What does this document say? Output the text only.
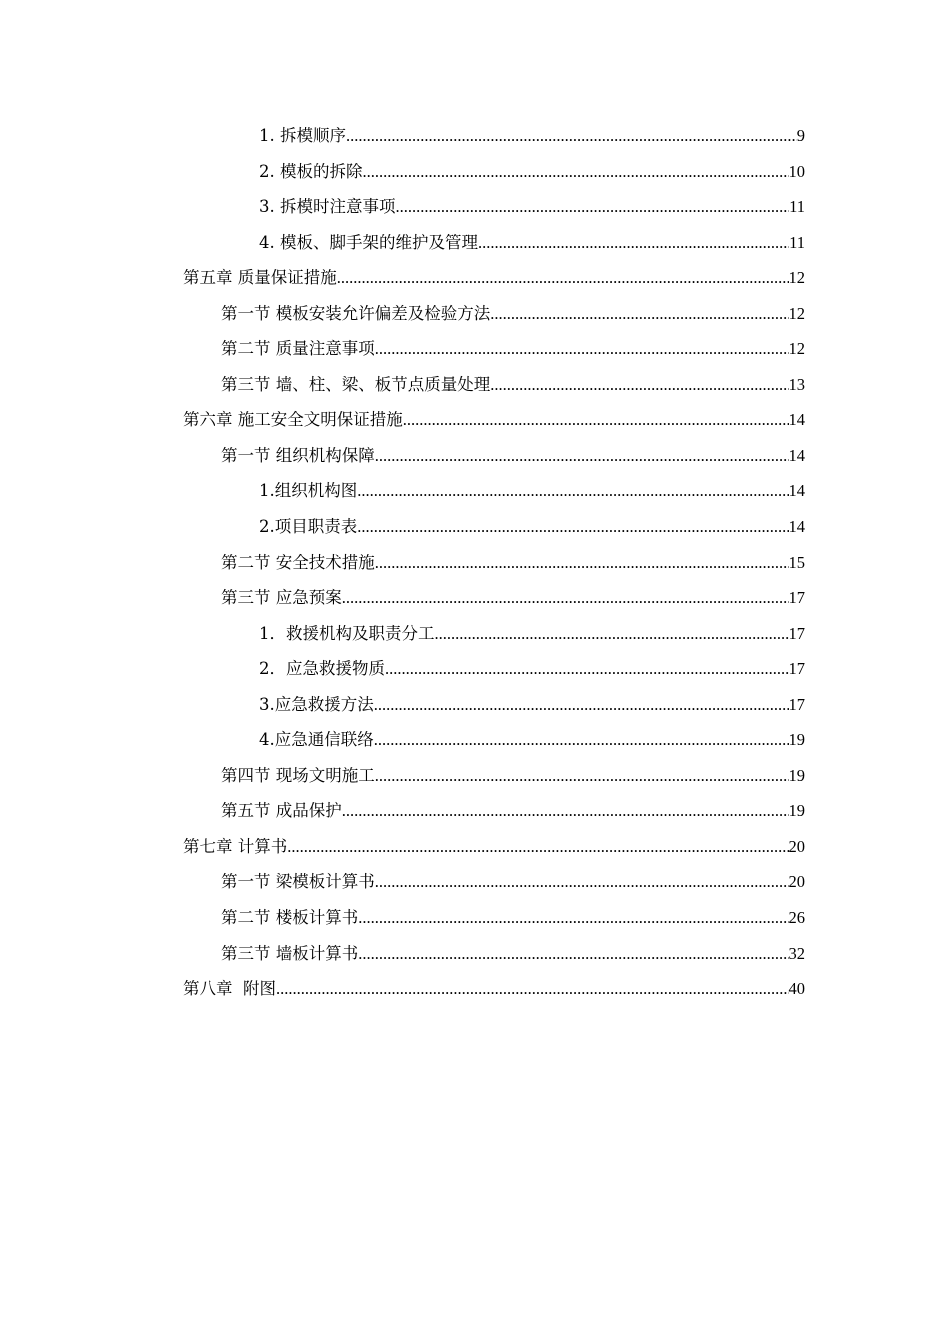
1. 拆模顺序 .....	9
2. 模板的拆除 .....	10
3. 拆模时注意事项 .....	11
4. 模板、脚手架的维护及管理 .....	11
第五章 质量保证措施 .....	12
第一节 模板安装允许偏差及检验方法 .....	12
第二节 质量注意事项 .....	12
第三节 墙、柱、梁、板节点质量处理 .....	13
第六章 施工安全文明保证措施 .....	14
第一节 组织机构保障 .....	14
1.组织机构图 .....	14
2.项目职责表 .....	14
第二节 安全技术措施 .....	15
第三节 应急预案 .....	17
1．救援机构及职责分工 .....	17
2．应急救援物质 .....	17
3.应急救援方法 .....	17
4.应急通信联络 .....	19
第四节 现场文明施工 .....	19
第五节 成品保护 .....	19
第七章 计算书 .....	20
第一节 梁模板计算书 .....	20
第二节 楼板计算书 .....	26
第三节 墙板计算书 .....	32
第八章  附图 .....	40
